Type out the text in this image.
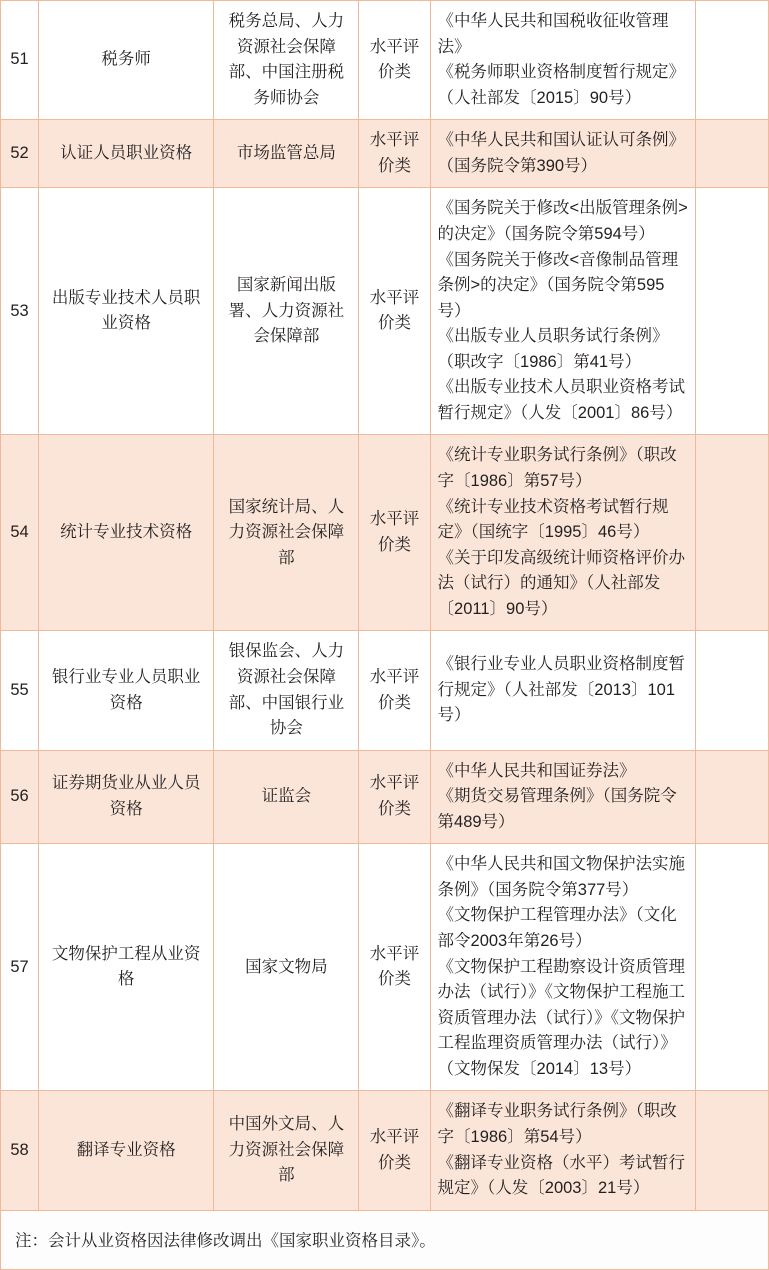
51	税务师	税务总局、人力资源社会保障部、中国注册税务师协会	水平评价类	《中华人民共和国税收征收管理法》
《税务师职业资格制度暂行规定》（人社部发〔2015〕90号）	

52	认证人员职业资格	市场监管总局	水平评价类	《中华人民共和国认证认可条例》（国务院令第390号）	

53	出版专业技术人员职业资格	国家新闻出版署、人力资源社会保障部	水平评价类	《国务院关于修改<出版管理条例>的决定》（国务院令第594号）
《国务院关于修改<音像制品管理条例>的决定》（国务院令第595号）
《出版专业人员职务试行条例》（职改字〔1986〕第41号）
《出版专业技术人员职业资格考试暂行规定》（人发〔2001〕86号）	

54	统计专业技术资格	国家统计局、人力资源社会保障部	水平评价类	《统计专业职务试行条例》（职改字〔1986〕第57号）
《统计专业技术资格考试暂行规定》（国统字〔1995〕46号）
《关于印发高级统计师资格评价办法（试行）的通知》（人社部发〔2011〕90号）	

55	银行业专业人员职业资格	银保监会、人力资源社会保障部、中国银行业协会	水平评价类	《银行业专业人员职业资格制度暂行规定》（人社部发〔2013〕101号）	

56	证券期货业从业人员资格	证监会	水平评价类	《中华人民共和国证券法》
《期货交易管理条例》（国务院令第489号）	

57	文物保护工程从业资格	国家文物局	水平评价类	《中华人民共和国文物保护法实施条例》（国务院令第377号）
《文物保护工程管理办法》（文化部令2003年第26号）
《文物保护工程勘察设计资质管理办法（试行）》《文物保护工程施工资质管理办法（试行）》《文物保护工程监理资质管理办法（试行）》（文物保发〔2014〕13号）	

58	翻译专业资格	中国外文局、人力资源社会保障部	水平评价类	《翻译专业职务试行条例》（职改字〔1986〕第54号）
《翻译专业资格（水平）考试暂行规定》（人发〔2003〕21号）	

注：会计从业资格因法律修改调出《国家职业资格目录》。
